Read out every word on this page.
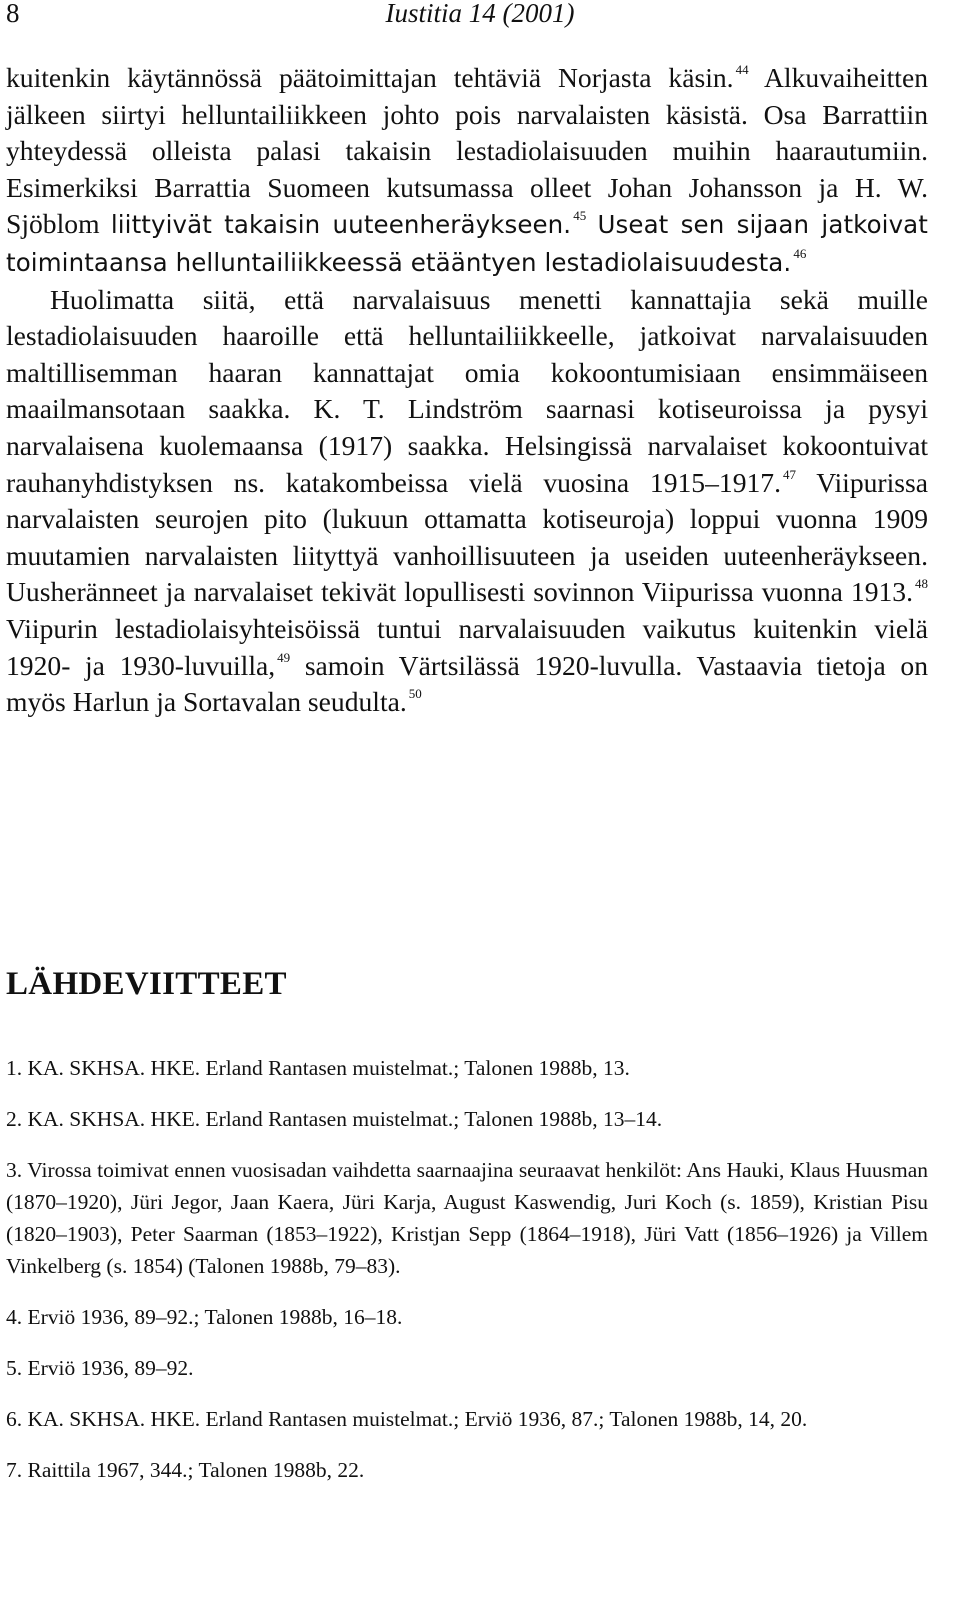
8	Iustitia 14 (2001)

kuitenkin käytännössä päätoimittajan tehtäviä Norjasta käsin. $^{44}$ Alkuvaiheitten jälkeen siirtyi helluntailiikkeen johto pois narvalaisten käsistä. Osa Barrattiin yhteydessä olleista palasi takaisin lestadiolaisuuden muihin haarautumiin. Esimerkiksi Barrattia Suomeen kutsumassa olleet Johan Johansson ja H. W. Sjöblom liittyivät takaisin uuteenheräykseen. $^{45}$ Useat sen sijaan jatkoivat toimintaansa helluntailiikkeessä etääntyen lestadiolaisuudesta. $^{46}$

Huolimatta siitä, että narvalaisuus menetti kannattajia sekä muille lestadiolaisuuden haaroille että helluntailiikkeelle, jatkoivat narvalaisuuden maltillisemman haaran kannattajat omia kokoontumisiaan ensimmäiseen maailmansotaan saakka. K. T. Lindström saarnasi kotiseuroissa ja pysyi narvalaisena kuolemaansa (1917) saakka. Helsingissä narvalaiset kokoontuivat rauhanyhdistyksen ns. katakombeissa vielä vuosina 1915–1917. $^{47}$ Viipurissa narvalaisten seurojen pito (lukuun ottamatta kotiseuroja) loppui vuonna 1909 muutamien narvalaisten liityttyä vanhoillisuuteen ja useiden uuteenheräykseen. Uusheränneet ja narvalaiset tekivät lopullisesti sovinnon Viipurissa vuonna 1913. $^{48}$ Viipurin lestadiolaisyhteisöissä tuntui narvalaisuuden vaikutus kuitenkin vielä 1920- ja 1930-luvuilla, $^{49}$ samoin Värtsilässä 1920-luvulla. Vastaavia tietoja on myös Harlun ja Sortavalan seudulta. $^{50}$

LÄHDEVIITTEET

1. KA. SKHSA. HKE. Erland Rantasen muistelmat.; Talonen 1988b, 13.

2. KA. SKHSA. HKE. Erland Rantasen muistelmat.; Talonen 1988b, 13–14.

3. Virossa toimivat ennen vuosisadan vaihdetta saarnaajina seuraavat henkilöt: Ans Hauki, Klaus Huusman (1870–1920), Jüri Jegor, Jaan Kaera, Jüri Karja, August Kaswendig, Juri Koch (s. 1859), Kristian Pisu (1820–1903), Peter Saarman (1853–1922), Kristjan Sepp (1864–1918), Jüri Vatt (1856–1926) ja Villem Vinkelberg (s. 1854) (Talonen 1988b, 79–83).

4. Erviö 1936, 89–92.; Talonen 1988b, 16–18.

5. Erviö 1936, 89–92.

6. KA. SKHSA. HKE. Erland Rantasen muistelmat.; Erviö 1936, 87.; Talonen 1988b, 14, 20.

7. Raittila 1967, 344.; Talonen 1988b, 22.
